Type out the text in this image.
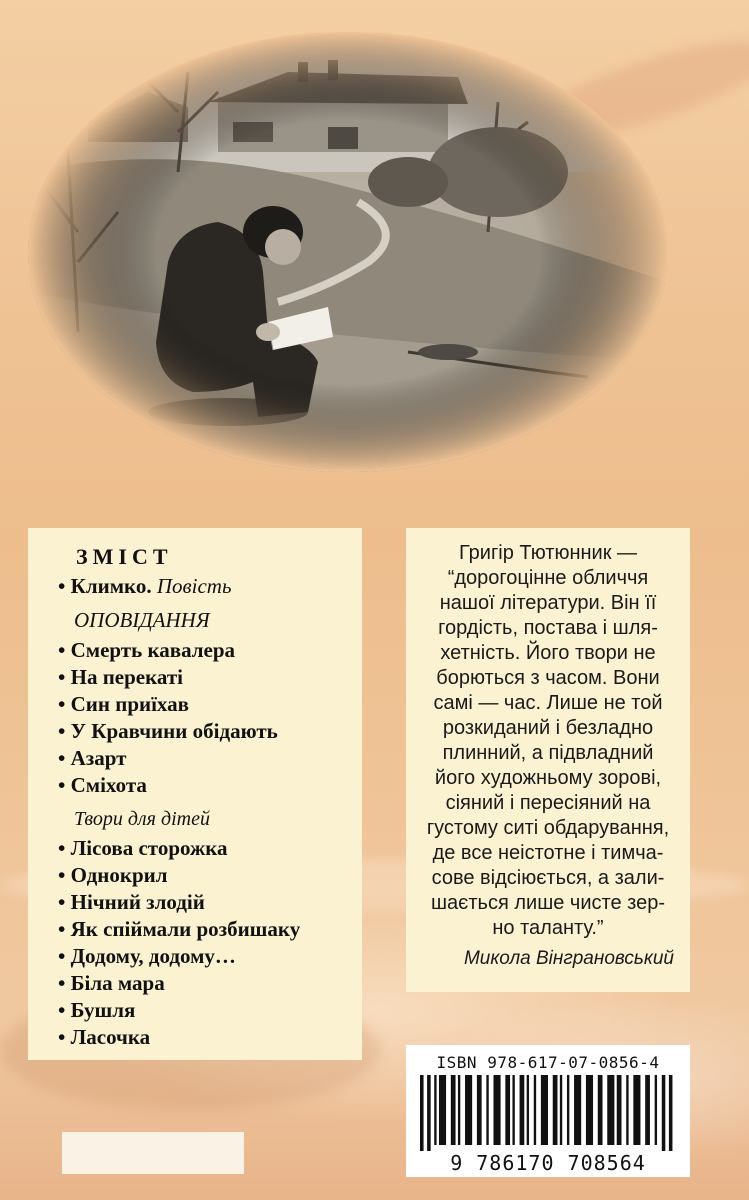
ЗМІСТ
• Климко. Повість
ОПОВІДАННЯ
• Смерть кавалера
• На перекаті
• Син приїхав
• У Кравчини обідають
• Азарт
• Сміхота
Твори для дітей
• Лісова сторожка
• Однокрил
• Нічний злодій
• Як спіймали розбишаку
• Додому, додому…
• Біла мара
• Бушля
• Ласочка
Григір Тютюнник —
“дорогоцінне обличчя
нашої літератури. Він її
гордість, постава і шля-
хетність. Його твори не
борються з часом. Вони
самі — час. Лише не той
розкиданий і безладно
плинний, а підвладний
його художньому зорові,
сіяний і пересіяний на
густому ситі обдарування,
де все неістотне і тимча-
сове відсіюється, а зали-
шається лише чисте зер-
но таланту.”
Микола Вінграновський
ISBN 978-617-07-0856-4
9 786170 708564
